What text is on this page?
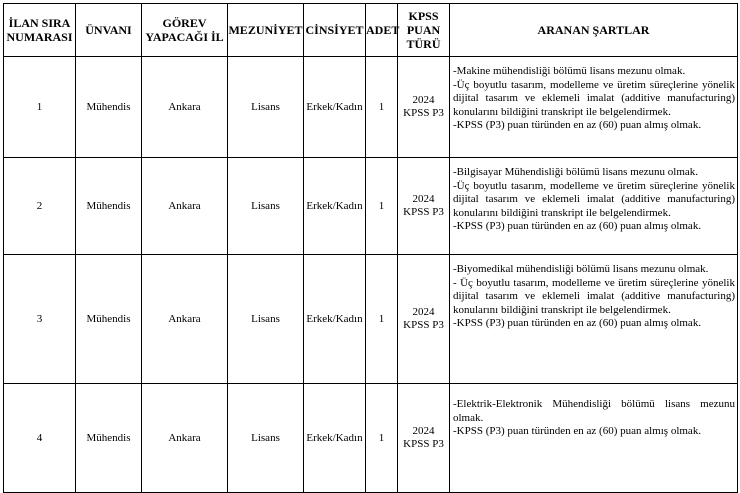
İLAN SIRA NUMARASI	ÜNVANI	GÖREV YAPACAĞI İL	MEZUNİYET	CİNSİYET	ADET	KPSS PUAN TÜRÜ	ARANAN ŞARTLAR
1	Mühendis	Ankara	Lisans	Erkek/Kadın	1	2024
KPSS P3	-Makine mühendisliği bölümü lisans mezunu olmak.
-Üç boyutlu tasarım, modelleme ve üretim süreçlerine yönelik dijital tasarım ve eklemeli imalat (additive manufacturing) konularını bildiğini transkript ile belgelendirmek.
-KPSS (P3) puan türünden en az (60) puan almış olmak.

2	Mühendis	Ankara	Lisans	Erkek/Kadın	1	2024
KPSS P3	-Bilgisayar Mühendisliği bölümü lisans mezunu olmak.
-Üç boyutlu tasarım, modelleme ve üretim süreçlerine yönelik dijital tasarım ve eklemeli imalat (additive manufacturing) konularını bildiğini transkript ile belgelendirmek.
-KPSS (P3) puan türünden en az (60) puan almış olmak.

3	Mühendis	Ankara	Lisans	Erkek/Kadın	1	2024
KPSS P3	-Biyomedikal mühendisliği bölümü lisans mezunu olmak.
- Üç boyutlu tasarım, modelleme ve üretim süreçlerine yönelik dijital tasarım ve eklemeli imalat (additive manufacturing) konularını bildiğini transkript ile belgelendirmek.
-KPSS (P3) puan türünden en az (60) puan almış olmak.

4	Mühendis	Ankara	Lisans	Erkek/Kadın	1	2024
KPSS P3	-Elektrik-Elektronik Mühendisliği bölümü lisans mezunu olmak.
-KPSS (P3) puan türünden en az (60) puan almış olmak.
